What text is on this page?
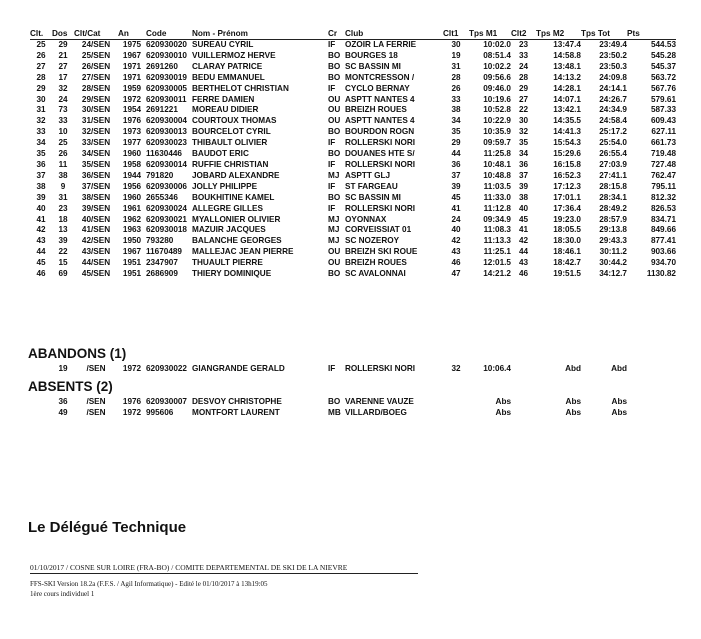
Clt.	Dos	Clt/Cat	An	Code	Nom - Prénom	Cr	Club	Clt1	Tps M1	Clt2	Tps M2	Tps Tot	Pts
25	29	24/SEN	1975	620930020	SUREAU CYRIL	IF	OZOIR LA FERRIE	30	10:02.0	23	13:47.4	23:49.4	544.53
26	21	25/SEN	1967	620930010	VUILLERMOZ HERVE	BO	BOURGES 18	19	08:51.4	33	14:58.8	23:50.2	545.28
27	27	26/SEN	1971	2691260	CLARAY PATRICE	BO	SC BASSIN MI	31	10:02.2	24	13:48.1	23:50.3	545.37
28	17	27/SEN	1971	620930019	BEDU EMMANUEL	BO	MONTCRESSON /	28	09:56.6	28	14:13.2	24:09.8	563.72
29	32	28/SEN	1959	620930005	BERTHELOT CHRISTIAN	IF	CYCLO BERNAY	26	09:46.0	29	14:28.1	24:14.1	567.76
30	24	29/SEN	1972	620930011	FERRE DAMIEN	OU	ASPTT NANTES 4	33	10:19.6	27	14:07.1	24:26.7	579.61
31	73	30/SEN	1954	2691221	MOREAU DIDIER	OU	BREIZH ROUES	38	10:52.8	22	13:42.1	24:34.9	587.33
32	33	31/SEN	1976	620930004	COURTOUX THOMAS	OU	ASPTT NANTES 4	34	10:22.9	30	14:35.5	24:58.4	609.43
33	10	32/SEN	1973	620930013	BOURCELOT CYRIL	BO	BOURDON ROGN	35	10:35.9	32	14:41.3	25:17.2	627.11
34	25	33/SEN	1977	620930023	THIBAULT OLIVIER	IF	ROLLERSKI NORI	29	09:59.7	35	15:54.3	25:54.0	661.73
35	26	34/SEN	1960	11630446	BAUDOT ERIC	BO	DOUANES HTE S/	44	11:25.8	34	15:29.6	26:55.4	719.48
36	11	35/SEN	1958	620930014	RUFFIE CHRISTIAN	IF	ROLLERSKI NORI	36	10:48.1	36	16:15.8	27:03.9	727.48
37	38	36/SEN	1944	791820	JOBARD ALEXANDRE	MJ	ASPTT GLJ	37	10:48.8	37	16:52.3	27:41.1	762.47
38	9	37/SEN	1956	620930006	JOLLY PHILIPPE	IF	ST FARGEAU	39	11:03.5	39	17:12.3	28:15.8	795.11
39	31	38/SEN	1960	2655346	BOUKHITINE KAMEL	BO	SC BASSIN MI	45	11:33.0	38	17:01.1	28:34.1	812.32
40	23	39/SEN	1961	620930024	ALLEGRE GILLES	IF	ROLLERSKI NORI	41	11:12.8	40	17:36.4	28:49.2	826.53
41	18	40/SEN	1962	620930021	MYALLONIER OLIVIER	MJ	OYONNAX	24	09:34.9	45	19:23.0	28:57.9	834.71
42	13	41/SEN	1963	620930018	MAZUIR JACQUES	MJ	CORVEISSIAT 01	40	11:08.3	41	18:05.5	29:13.8	849.66
43	39	42/SEN	1950	793280	BALANCHE GEORGES	MJ	SC NOZEROY	42	11:13.3	42	18:30.0	29:43.3	877.41
44	22	43/SEN	1967	11670489	MALLEJAC JEAN PIERRE	OU	BREIZH SKI ROUE	43	11:25.1	44	18:46.1	30:11.2	903.66
45	15	44/SEN	1951	2347907	THUAULT PIERRE	OU	BREIZH ROUES	46	12:01.5	43	18:42.7	30:44.2	934.70
46	69	45/SEN	1951	2686909	THIERY DOMINIQUE	BO	SC AVALONNAI	47	14:21.2	46	19:51.5	34:12.7	1130.82
ABANDONS (1)
	19	/SEN	1972	620930022	GIANGRANDE GERALD	IF	ROLLERSKI NORI	32	10:06.4		Abd	Abd	
ABSENTS (2)
	36	/SEN	1976	620930007	DESVOY CHRISTOPHE	BO	VARENNE VAUZE		Abs		Abs	Abs	
	49	/SEN	1972	995606	MONTFORT LAURENT	MB	VILLARD/BOEG		Abs		Abs	Abs	
Le Délégué Technique
01/10/2017 / COSNE SUR LOIRE (FRA-BO) / COMITE DEPARTEMENTAL DE SKI DE LA NIEVRE
FFS-SKI Version 18.2a (F.F.S. / Agil Informatique) - Edité le 01/10/2017 à 13h19:05
1ère cours individuel 1
